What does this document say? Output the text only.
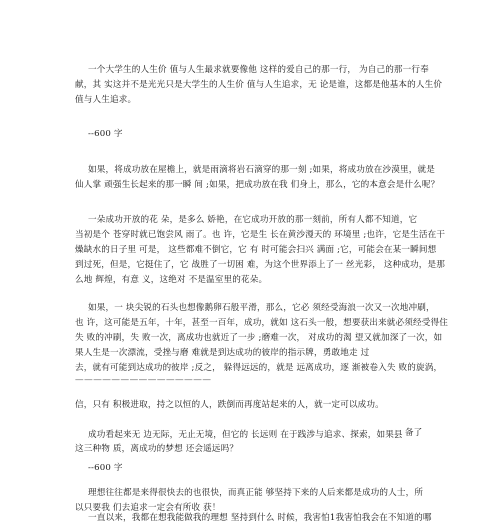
一个大学生的人生价 值与人生最求就要像他 这样的爱自己的那一行， 为自己的那一行奉
献，其 实这并不是光光只是大学生的人生价 值与人生追求，无 论是谁，这都是他基本的人生价
值与人生追求。
--600 字
如果，将成功放在屋檐上，就是雨滴将岩石滴穿的那一刻 ;如果，将成功放在沙漠里，就是
仙人掌 顽强生长起来的那一瞬 间 ;如果，把成功放在我 们身上，那么，它的本意会是什么呢？
一朵成功开放的花 朵，是多么 娇艳，在它成功开放的那一刻前，所有人都不知道，它
当初是个 苍穿时就已饱尝风 雨了。也 许，它是生 长在黄沙漫天的 环境里 ;也许，它是生活在干
燥缺水的日子里 可是， 这些都难不倒它，它 有 时可能会扫兴 满面 ;它，可能会在某一瞬间想
到过死，但是，它挺住了，它 战胜了一切困 难，为这个世界添上了一 丝光彩， 这种成功，是那
么地 辉煌，有意 义，这绝对 不是温室里的花朵。
如果，一 块尖锐的石头也想像鹅卵石般平滑，那么，它必 须经受海浪一次又一次地冲刷，
也 许，这可能是五年，十年，甚至一百年，成功，就如 这石头一般，想要获出来就必须经受得住
失 败的冲刷，失 败一次，离成功也就近了一步 ;磨难一次， 对成功的渴 望又就加深了一次，如
果人生是一次漂流，受挫与磨 难就是到达成功的彼岸的指示牌，勇敢地走 过
去，就有可能到达成功的彼岸 ;反之， 躲得远远的，就是 远离成功，逐 渐被卷入失 败的旋涡，
———————————————
信，只有 积极进取，持之以恒的人，跌倒而再度站起来的人，就一定可以成功。
成功看起来无 边无际，无止无境，但它的 长远则 在于践涉与追求、探索，如果县 备了
这三种物 质，离成功的梦想 还会遥远吗？
--600 字
理想往往都是来得很快去的也很快，而真正能 够坚持下来的人后来都是成功的人士，所
以只要我 们去追求一定会有所收 获！
一直以来，我都在想我能做我的理想 坚持到什么 时候，我害怕1我害怕我会在不知道的哪
